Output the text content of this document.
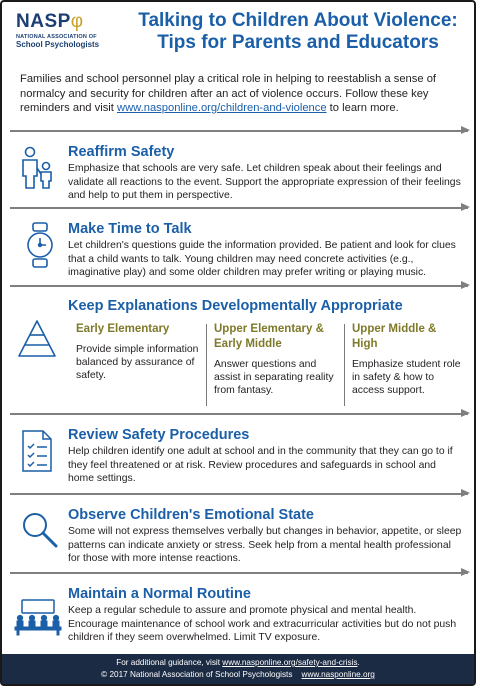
NASPφ
NATIONAL ASSOCIATION OF
School Psychologists
Talking to Children About Violence:
Tips for Parents and Educators
Families and school personnel play a critical role in helping to reestablish a sense of normalcy and security for children after an act of violence occurs. Follow these key reminders and visit www.nasponline.org/children-and-violence to learn more.
Reaffirm Safety
Emphasize that schools are very safe. Let children speak about their feelings and validate all reactions to the event. Support the appropriate expression of their feelings and help to put them in perspective.
Make Time to Talk
Let children's questions guide the information provided. Be patient and look for clues that a child wants to talk. Young children may need concrete activities (e.g., imaginative play) and some older children may prefer writing or playing music.
Keep Explanations Developmentally Appropriate
Early Elementary
Provide simple information balanced by assurance of safety.
Upper Elementary & Early Middle
Answer questions and assist in separating reality from fantasy.
Upper Middle & High
Emphasize student role in safety & how to access support.
Review Safety Procedures
Help children identify one adult at school and in the community that they can go to if they feel threatened or at risk. Review procedures and safeguards in school and home settings.
Observe Children's Emotional State
Some will not express themselves verbally but changes in behavior, appetite, or sleep patterns can indicate anxiety or stress. Seek help from a mental health professional for those with more intense reactions.
Maintain a Normal Routine
Keep a regular schedule to assure and promote physical and mental health. Encourage maintenance of school work and extracurricular activities but do not push children if they seem overwhelmed. Limit TV exposure.
For additional guidance, visit www.nasponline.org/safety-and-crisis.
© 2017 National Association of School Psychologists www.nasponline.org
